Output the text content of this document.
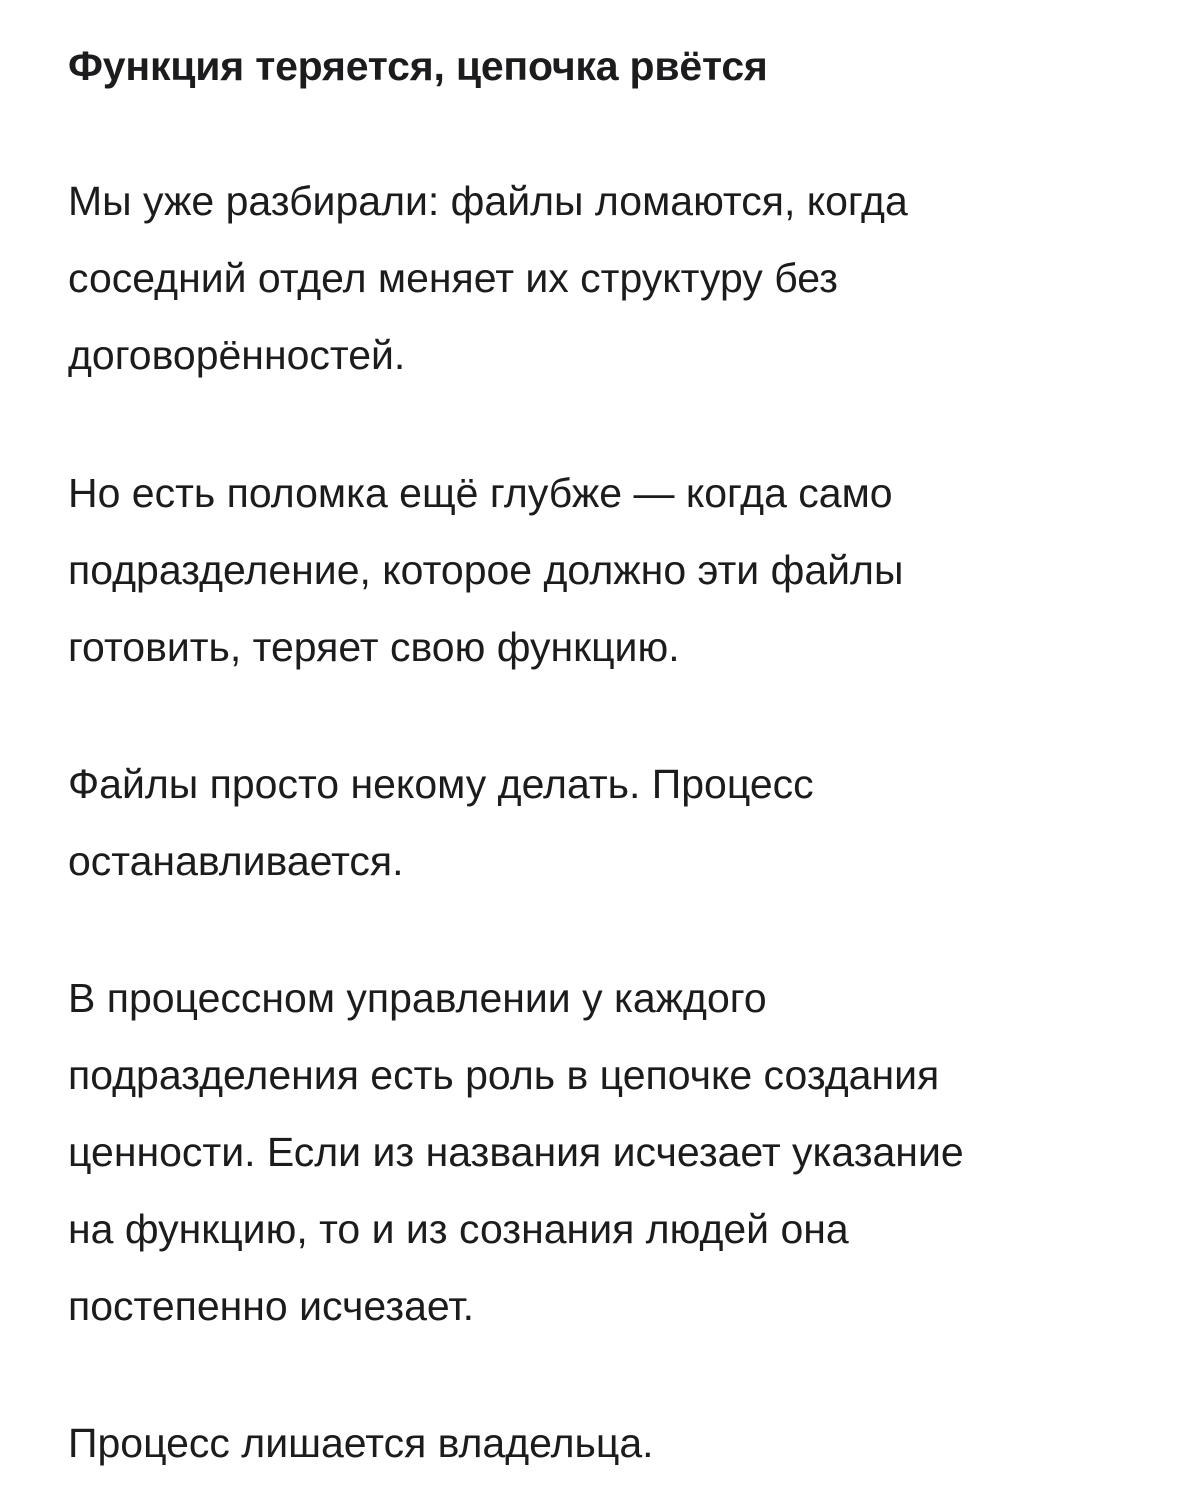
Функция теряется, цепочка рвётся

Мы уже разбирали: файлы ломаются, когда
соседний отдел меняет их структуру без
договорённостей.

Но есть поломка ещё глубже — когда само
подразделение, которое должно эти файлы
готовить, теряет свою функцию.

Файлы просто некому делать. Процесс
останавливается.

В процессном управлении у каждого
подразделения есть роль в цепочке создания
ценности. Если из названия исчезает указание
на функцию, то и из сознания людей она
постепенно исчезает.

Процесс лишается владельца.
